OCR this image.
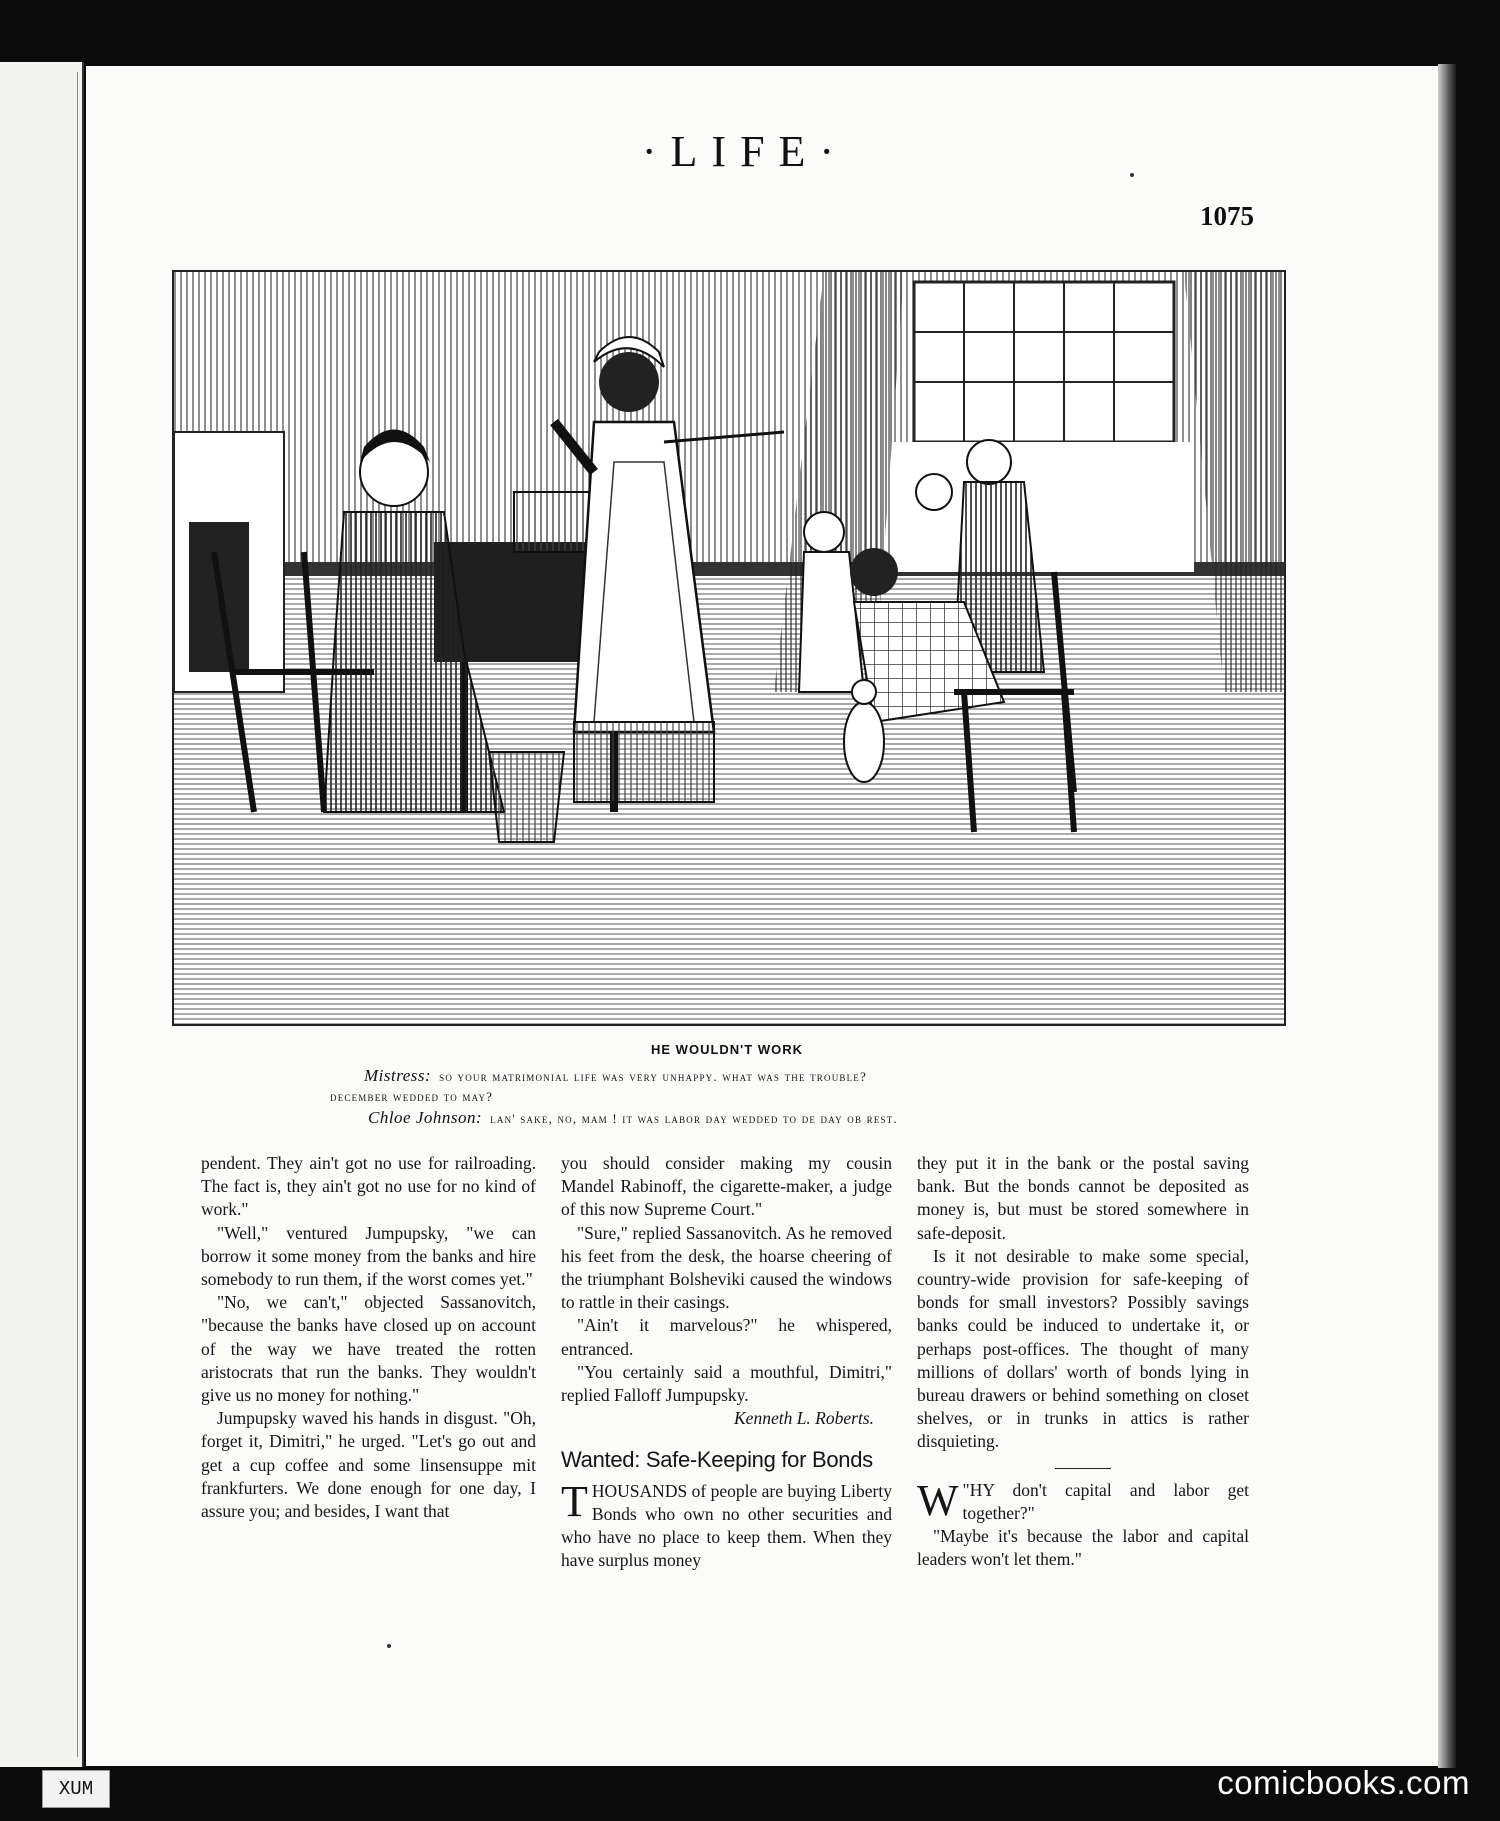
·LIFE·
1075
HE WOULDN'T WORK
Mistress: so your matrimonial life was very unhappy. what was the trouble?
december wedded to may?
Chloe Johnson: lan' sake, no, mam ! it was labor day wedded to de day ob rest.

pendent. They ain't got no use for railroading. The fact is, they ain't got no use for no kind of work."

"Well," ventured Jumpupsky, "we can borrow it some money from the banks and hire somebody to run them, if the worst comes yet."

"No, we can't," objected Sassanovitch, "because the banks have closed up on account of the way we have treated the rotten aristocrats that run the banks. They wouldn't give us no money for nothing."

Jumpupsky waved his hands in disgust. "Oh, forget it, Dimitri," he urged. "Let's go out and get a cup coffee and some linsensuppe mit frankfurters. We done enough for one day, I assure you; and besides, I want that

you should consider making my cousin Mandel Rabinoff, the cigarette-maker, a judge of this now Supreme Court."

"Sure," replied Sassanovitch. As he removed his feet from the desk, the hoarse cheering of the triumphant Bolsheviki caused the windows to rattle in their casings.

"Ain't it marvelous?" he whispered, entranced.

"You certainly said a mouthful, Dimitri," replied Falloff Jumpupsky.

Kenneth L. Roberts.

Wanted: Safe-Keeping for Bonds

THOUSANDS of people are buying Liberty Bonds who own no other securities and who have no place to keep them. When they have surplus money

they put it in the bank or the postal saving bank. But the bonds cannot be deposited as money is, but must be stored somewhere in safe-deposit.

Is it not desirable to make some special, country-wide provision for safe-keeping of bonds for small investors? Possibly savings banks could be induced to undertake it, or perhaps post-offices. The thought of many millions of dollars' worth of bonds lying in bureau drawers or behind something on closet shelves, or in trunks in attics is rather disquieting.

"
W HY don't capital and labor get together?"

"Maybe it's because the labor and capital leaders won't let them."

XUM	comicbooks.com
